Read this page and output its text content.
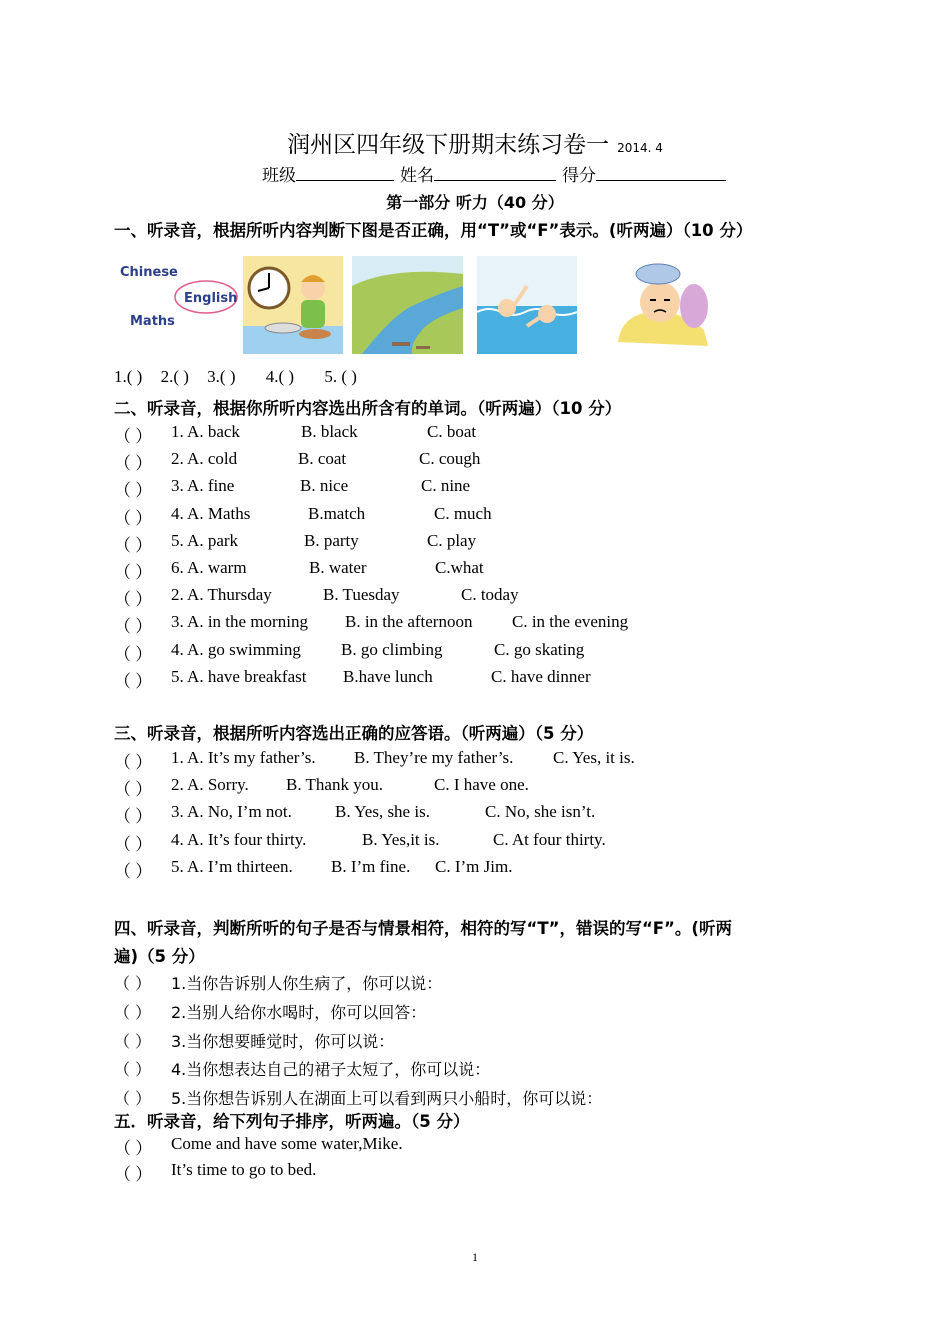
润州区四年级下册期末练习卷一 2014. 4
班级	姓名	得分
第一部分 听力（40 分）
一、听录音，根据所听内容判断下图是否正确，用“T”或“F”表示。(听两遍）（10 分）
Chinese
English
Maths
1.( ) 2.( ) 3.( ) 4.( ) 5. ( )
二、听录音，根据你所听内容选出所含有的单词。（听两遍）（10 分）
（ ） 1. A. back	B. black	C. boat
（ ） 2. A. cold	B. coat	C. cough
（ ） 3. A. fine	B. nice	C. nine
（ ） 4. A. Maths	B.match	C. much
（ ） 5. A. park	B. party	C. play
（ ） 6. A. warm	B. water	C.what
（ ） 2. A. Thursday	B. Tuesday	C. today
（ ） 3. A. in the morning B. in the afternoon C. in the evening
（ ） 4. A. go swimming B. go climbing	C. go skating
（ ） 5. A. have breakfast B.have lunch	C. have dinner
三、听录音，根据所听内容选出正确的应答语。（听两遍）（5 分）
（ ） 1. A. It’s my father’s. B. They’re my father’s. C. Yes, it is.
（ ） 2. A. Sorry. B. Thank you.	C. I have one.
（ ） 3. A. No, I’m not.	B. Yes, she is.	C. No, she isn’t.
（ ） 4. A. It’s four thirty.	B. Yes,it is.	C. At four thirty.
（ ） 5. A. I’m thirteen. B. I’m fine. C. I’m Jim.
四、听录音，判断所听的句子是否与情景相符，相符的写“T”，错误的写“F”。(听两
遍)（5 分）
（ ） 1.当你告诉别人你生病了，你可以说：
（ ） 2.当别人给你水喝时，你可以回答：
（ ） 3.当你想要睡觉时，你可以说：
（ ） 4.当你想表达自己的裙子太短了，你可以说：
（ ） 5.当你想告诉别人在湖面上可以看到两只小船时，你可以说：
五．听录音，给下列句子排序，听两遍。（5 分）
（ ） Come and have some water,Mike.
（ ） It’s time to go to bed.
1
